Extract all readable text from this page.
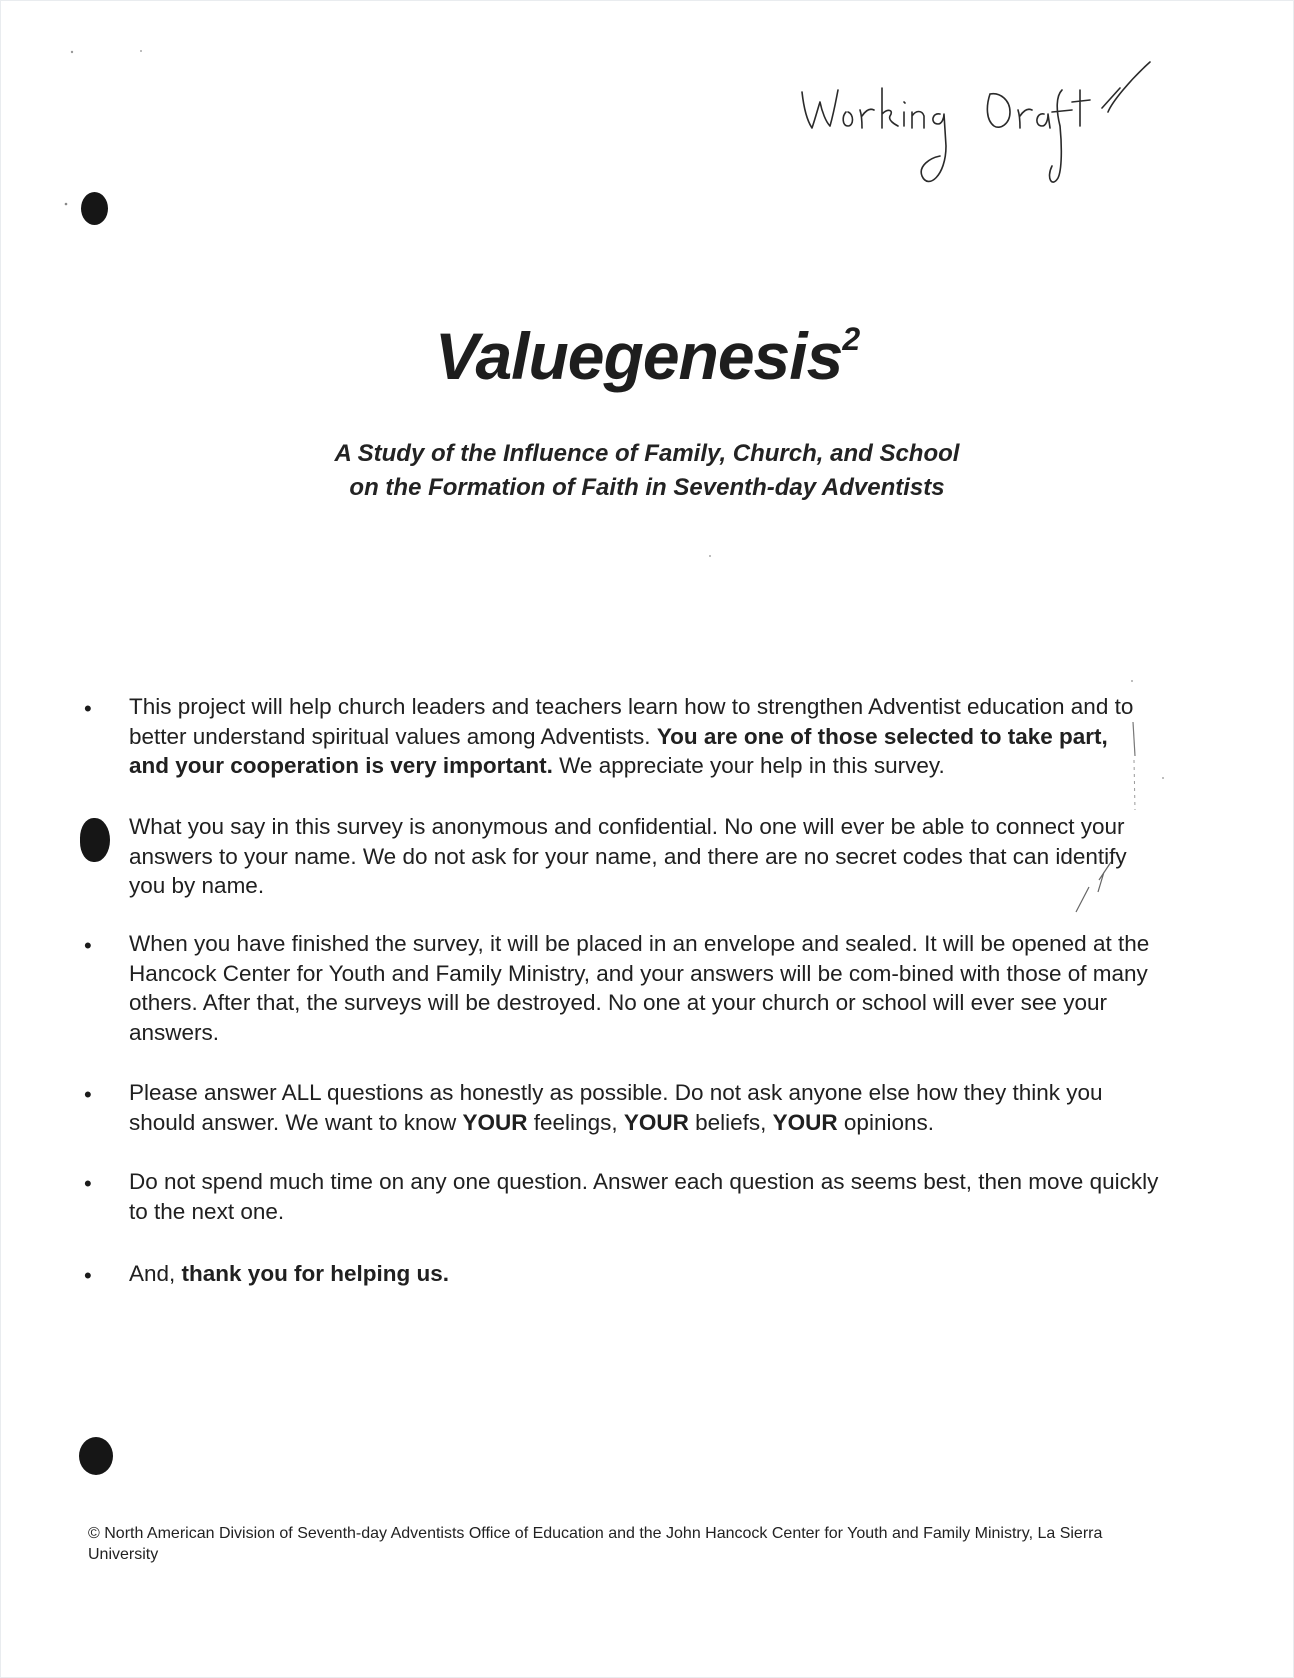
Valuegenesis$^2$
A Study of the Influence of Family, Church, and School
on the Formation of Faith in Seventh-day Adventists
• This project will help church leaders and teachers learn how to strengthen Adventist education and to better understand spiritual values among Adventists. You are one of those selected to take part, and your cooperation is very important. We appreciate your help in this survey.
What you say in this survey is anonymous and confidential. No one will ever be able to connect your answers to your name. We do not ask for your name, and there are no secret codes that can identify you by name.
• When you have finished the survey, it will be placed in an envelope and sealed. It will be opened at the Hancock Center for Youth and Family Ministry, and your answers will be com-bined with those of many others. After that, the surveys will be destroyed. No one at your church or school will ever see your answers.
• Please answer ALL questions as honestly as possible. Do not ask anyone else how they think you should answer. We want to know YOUR feelings, YOUR beliefs, YOUR opinions.
• Do not spend much time on any one question. Answer each question as seems best, then move quickly to the next one.
• And, thank you for helping us.
© North American Division of Seventh-day Adventists Office of Education and the John Hancock Center for Youth and Family Ministry, La Sierra University
